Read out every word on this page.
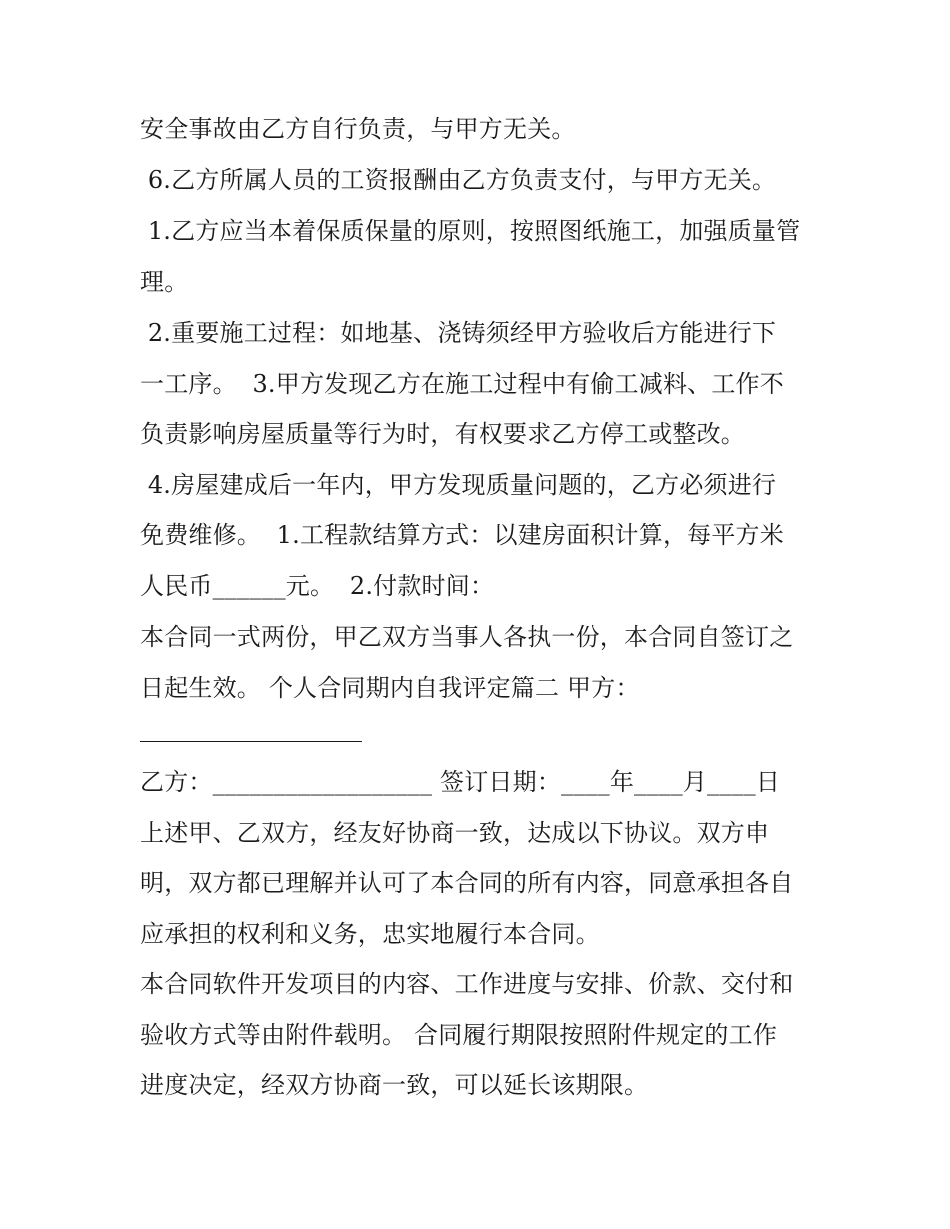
安全事故由乙方自行负责，与甲方无关。
6.乙方所属人员的工资报酬由乙方负责支付，与甲方无关。
1.乙方应当本着保质保量的原则，按照图纸施工，加强质量管
理。
2.重要施工过程：如地基、浇铸须经甲方验收后方能进行下
一工序。  3.甲方发现乙方在施工过程中有偷工减料、工作不
负责影响房屋质量等行为时，有权要求乙方停工或整改。
4.房屋建成后一年内，甲方发现质量问题的，乙方必须进行
免费维修。  1.工程款结算方式：以建房面积计算，每平方米
人民币______元。  2.付款时间：
本合同一式两份，甲乙双方当事人各执一份，本合同自签订之
日起生效。 个人合同期内自我评定篇二 甲方：
乙方：__________________ 签订日期：____年____月____日
上述甲、乙双方，经友好协商一致，达成以下协议。双方申
明，双方都已理解并认可了本合同的所有内容，同意承担各自
应承担的权利和义务，忠实地履行本合同。
本合同软件开发项目的内容、工作进度与安排、价款、交付和
验收方式等由附件载明。 合同履行期限按照附件规定的工作
进度决定，经双方协商一致，可以延长该期限。
